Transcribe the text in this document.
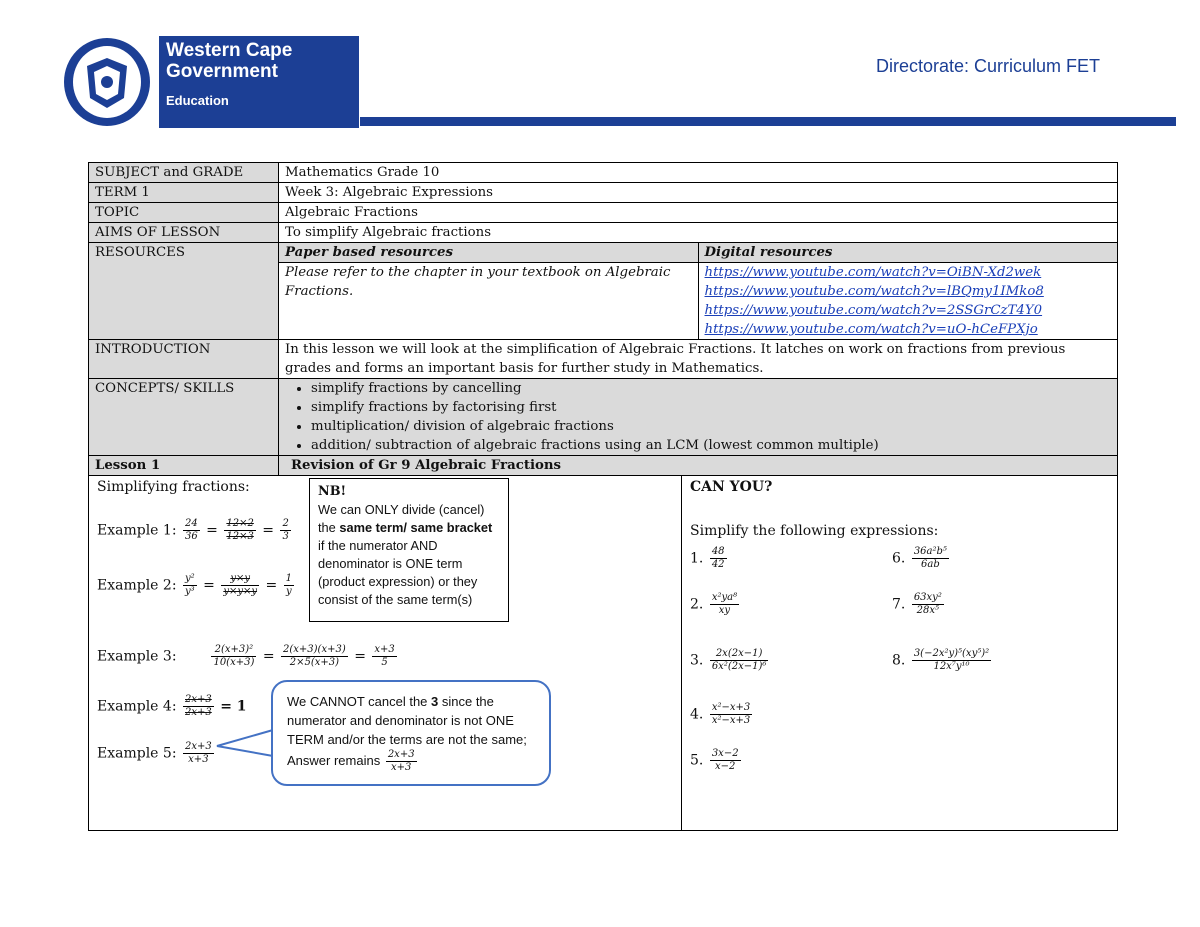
Western Cape
Government
Education
Directorate: Curriculum FET
SUBJECT and GRADE	Mathematics Grade 10
TERM 1	Week 3: Algebraic Expressions
TOPIC	Algebraic Fractions
AIMS OF LESSON	To simplify Algebraic fractions
RESOURCES		Paper based resources	Digital resources
Please refer to the chapter in your textbook on Algebraic Fractions.	https://www.youtube.com/watch?v=OiBN-Xd2wek
https://www.youtube.com/watch?v=lBQmy1IMko8
https://www.youtube.com/watch?v=2SSGrCzT4Y0
https://www.youtube.com/watch?v=uO-hCeFPXjo

INTRODUCTION	In this lesson we will look at the simplification of Algebraic Fractions. It latches on work on fractions from previous grades and forms an important basis for further study in Mathematics.
CONCEPTS/ SKILLS	
•simplify fractions by cancelling
• simplify fractions by factorising first
• multiplication/ division of algebraic fractions
• addition/ subtraction of algebraic fractions using an LCM (lowest common multiple)

Lesson 1	Revision of Gr 9 Algebraic Fractions

Simplifying fractions:
Example 1: $\frac{24}{36} = \frac{12\times 2}{12\times 3} = \frac{2}{3}$
Example 2: $\frac{\text{y²}}{\text{y³}} = \frac{y\times y}{y\times y\times y} = \frac{1}{y}$
Example 3:	$\frac{\text{2(x+3)²}}{10(x+3)} = \frac{2(x+3)(x+3)}{2\times 5(x+3)} = \frac{x+3}{5}$
Example 4: $\frac{2x+3}{2x+3} = 1$
Example 5: $\frac{2x+3}{x+3}$
NB!
We can ONLY divide (cancel) the same term/ same bracket if the numerator AND denominator is ONE term (product expression) or they consist of the same term(s)
We CANNOT cancel the 3 since the numerator and denominator is not ONE TERM and/or the terms are not the same; Answer remains $\frac{2x+3}{x+3}$
CAN YOU?
Simplify the following expressions:
1. $\frac{48}{42}$
2. $\frac{\text{x²ya⁸}}{xy}$
3. $\frac{2x(2x-1)}{\text{6x²(2x−1)⁶}}$
4. $\frac{\text{x²−x+3}}{\text{x²−x+3}}$
5. $\frac{3x-2}{x-2}$
6. $\frac{\text{36a²b⁵}}{6ab}$
7. $\frac{\text{63xy²}}{\text{28x⁵}}$
8. $\frac{\text{3(−2x²y)⁵(xy⁵)²}}{\text{12x⁷y¹⁰}}$
